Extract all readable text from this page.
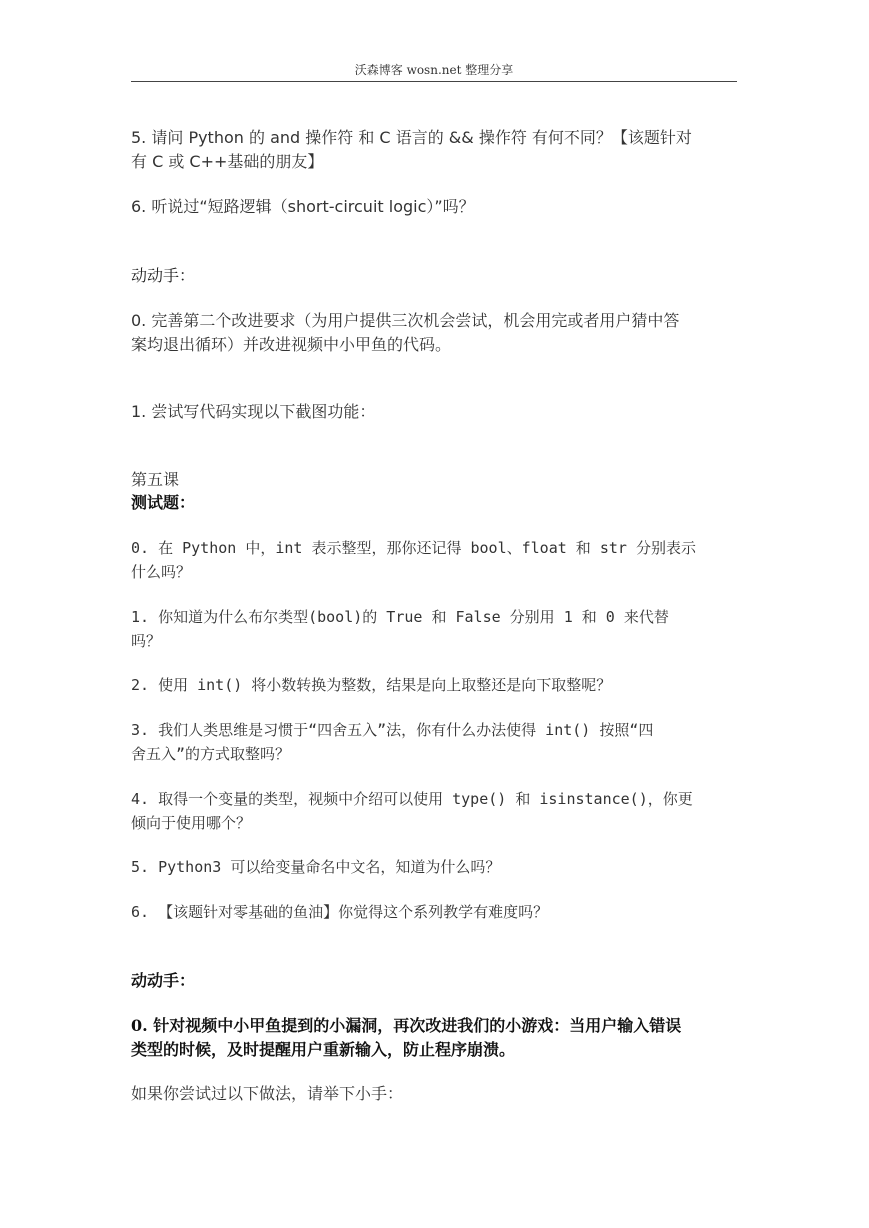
沃森博客 wosn.net 整理分享

5. 请问 Python 的 and 操作符 和 C 语言的 && 操作符 有何不同？【该题针对

有 C 或 C++基础的朋友】

6. 听说过“短路逻辑（short-circuit logic）”吗？

动动手：

0. 完善第二个改进要求（为用户提供三次机会尝试，机会用完或者用户猜中答

案均退出循环）并改进视频中小甲鱼的代码。

1. 尝试写代码实现以下截图功能：

第五课

测试题：

0. 在 Python 中，int 表示整型，那你还记得 bool、float 和 str 分别表示

什么吗？

1. 你知道为什么布尔类型(bool)的 True 和 False 分别用 1 和 0 来代替

吗？

2. 使用 int() 将小数转换为整数，结果是向上取整还是向下取整呢？

3. 我们人类思维是习惯于“四舍五入”法，你有什么办法使得 int() 按照“四

舍五入”的方式取整吗？

4. 取得一个变量的类型，视频中介绍可以使用 type() 和 isinstance()，你更

倾向于使用哪个？

5. Python3 可以给变量命名中文名，知道为什么吗？

6. 【该题针对零基础的鱼油】你觉得这个系列教学有难度吗？

动动手：

0. 针对视频中小甲鱼提到的小漏洞，再次改进我们的小游戏：当用户输入错误

类型的时候，及时提醒用户重新输入，防止程序崩溃。

如果你尝试过以下做法，请举下小手：
